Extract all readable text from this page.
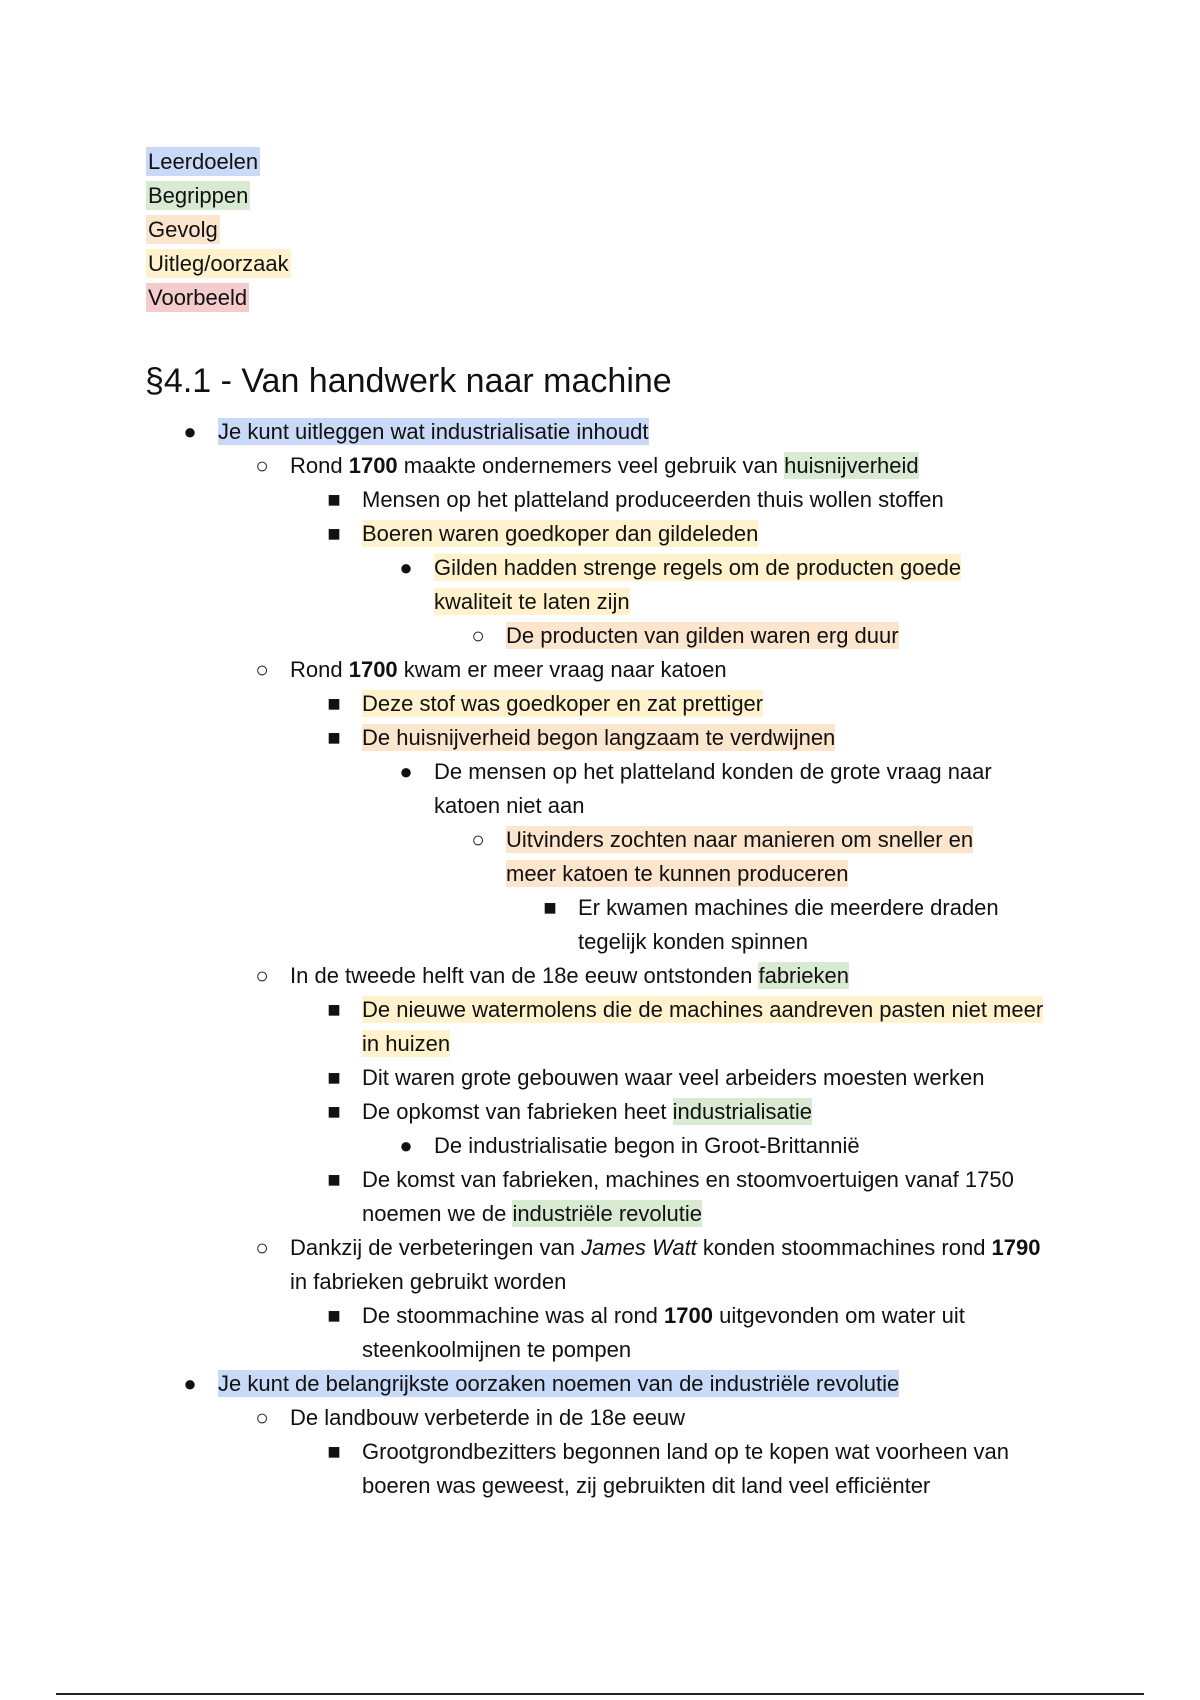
Leerdoelen
Begrippen
Gevolg
Uitleg/oorzaak
Voorbeeld
§4.1 - Van handwerk naar machine
● Je kunt uitleggen wat industrialisatie inhoudt
○ Rond 1700 maakte ondernemers veel gebruik van huisnijverheid
■ Mensen op het platteland produceerden thuis wollen stoffen
■ Boeren waren goedkoper dan gildeleden
● Gilden hadden strenge regels om de producten goede kwaliteit te laten zijn
○ De producten van gilden waren erg duur
○ Rond 1700 kwam er meer vraag naar katoen
■ Deze stof was goedkoper en zat prettiger
■ De huisnijverheid begon langzaam te verdwijnen
● De mensen op het platteland konden de grote vraag naar katoen niet aan
○ Uitvinders zochten naar manieren om sneller en meer katoen te kunnen produceren
■ Er kwamen machines die meerdere draden tegelijk konden spinnen
○ In de tweede helft van de 18e eeuw ontstonden fabrieken
■ De nieuwe watermolens die de machines aandreven pasten niet meer in huizen
■ Dit waren grote gebouwen waar veel arbeiders moesten werken
■ De opkomst van fabrieken heet industrialisatie
● De industrialisatie begon in Groot-Brittannië
■ De komst van fabrieken, machines en stoomvoertuigen vanaf 1750 noemen we de industriële revolutie
○ Dankzij de verbeteringen van James Watt konden stoommachines rond 1790 in fabrieken gebruikt worden
■ De stoommachine was al rond 1700 uitgevonden om water uit steenkoolmijnen te pompen
● Je kunt de belangrijkste oorzaken noemen van de industriële revolutie
○ De landbouw verbeterde in de 18e eeuw
■ Grootgrondbezitters begonnen land op te kopen wat voorheen van boeren was geweest, zij gebruikten dit land veel efficiënter
